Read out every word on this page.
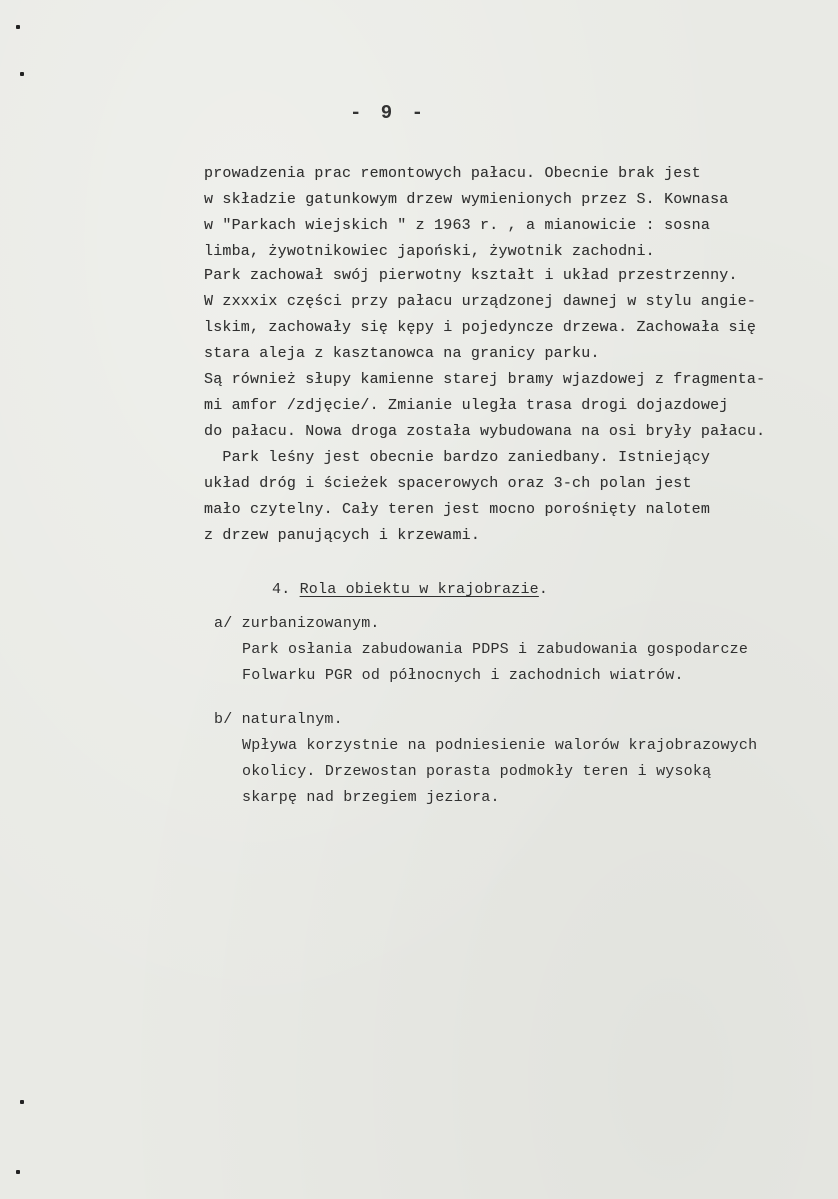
- 9 -
prowadzenia prac remontowych pałacu. Obecnie brak jest
w składzie gatunkowym drzew wymienionych przez S. Kownasa
w "Parkach wiejskich " z 1963 r. , a mianowicie : sosna
limba, żywotnikowiec japoński, żywotnik zachodni.
Park zachował swój pierwotny kształt i układ przestrzenny.
W zxxxix części przy pałacu urządzonej dawnej w stylu angie-
lskim, zachowały się kępy i pojedyncze drzewa. Zachowała się
stara aleja z kasztanowca na granicy parku.
Są również słupy kamienne starej bramy wjazdowej z fragmenta-
mi amfor /zdjęcie/. Zmianie uległa trasa drogi dojazdowej
do pałacu. Nowa droga została wybudowana na osi bryły pałacu.
Park leśny jest obecnie bardzo zaniedbany. Istniejący
układ dróg i ścieżek spacerowych oraz 3-ch polan jest
mało czytelny. Cały teren jest mocno porośnięty nalotem
z drzew panujących i krzewami.
4. Rola obiektu w krajobrazie.
a/ zurbanizowanym.
Park osłania zabudowania PDPS i zabudowania gospodarcze
Folwarku PGR od północnych i zachodnich wiatrów.
b/ naturalnym.
Wpływa korzystnie na podniesienie walorów krajobrazowych
okolicy. Drzewostan porasta podmokły teren i wysoką
skarpę nad brzegiem jeziora.
